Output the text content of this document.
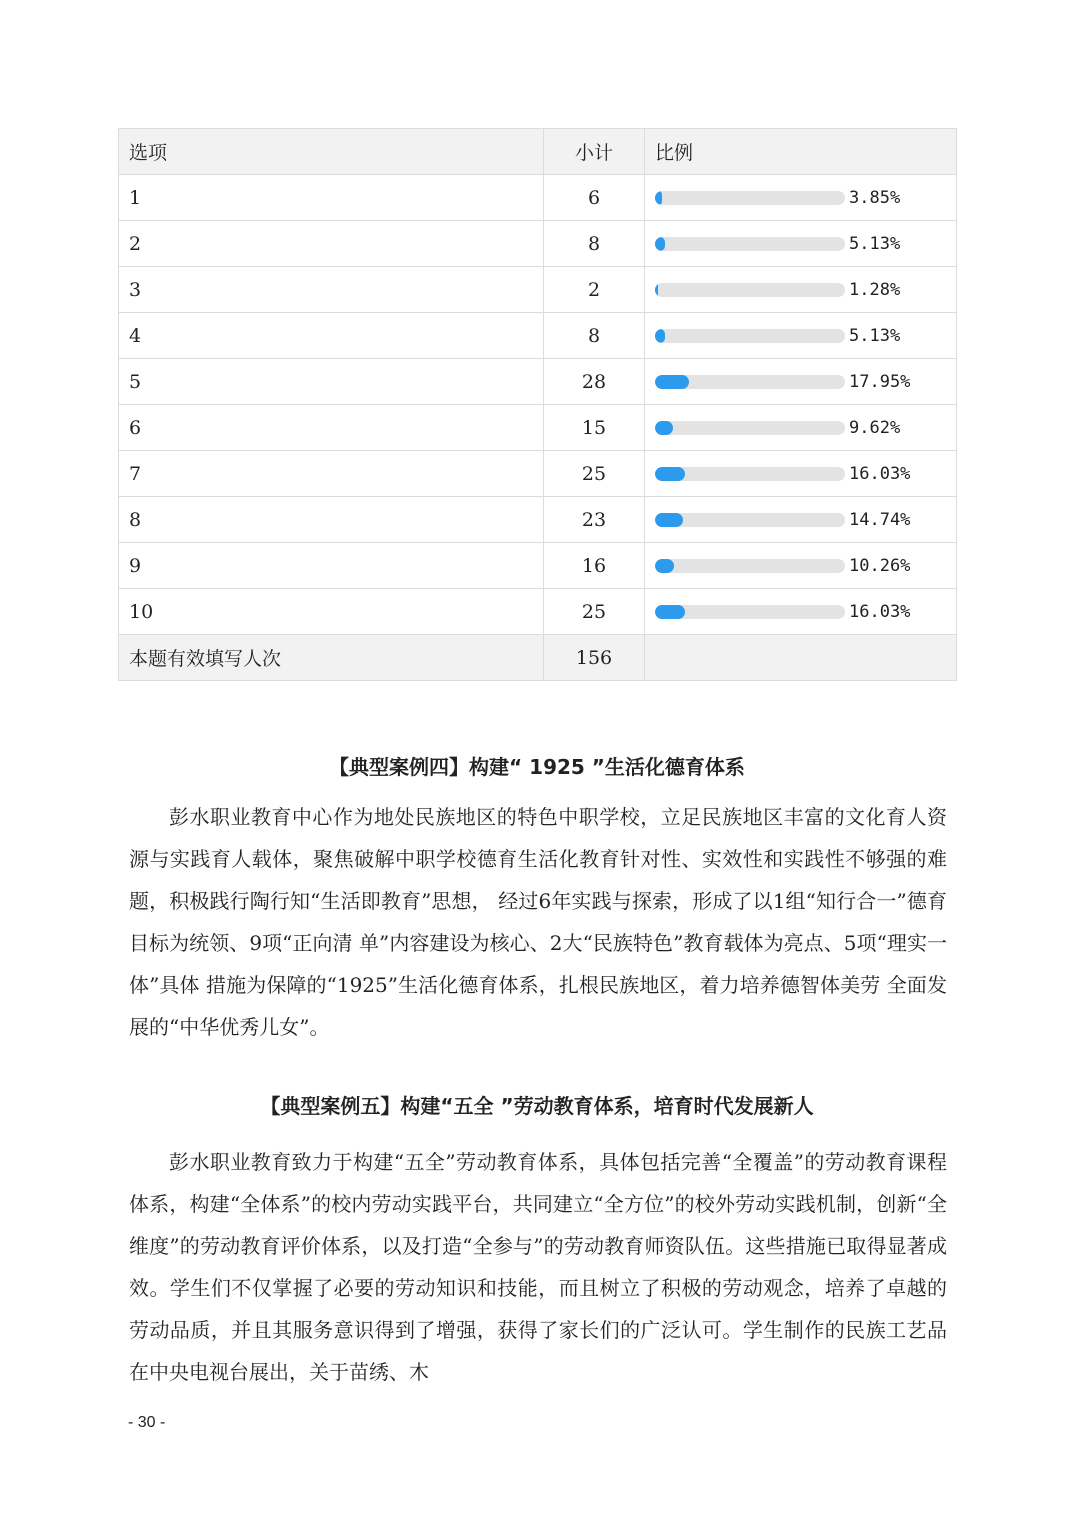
选项	小计	比例
1	6	3.85%

2	8	5.13%

3	2	1.28%

4	8	5.13%

5	28	17.95%

6	15	9.62%

7	25	16.03%

8	23	14.74%

9	16	10.26%

10	25	16.03%

本题有效填写人次	156	
【典型案例四】构建“ 1925 ”生活化德育体系

彭水职业教育中心作为地处民族地区的特色中职学校，立足民族地区丰富的文化育人资源与实践育人载体，聚焦破解中职学校德育生活化教育针对性、实效性和实践性不够强的难题，积极践行陶行知“生活即教育”思想， 经过6年实践与探索，形成了以1组“知行合一”德育目标为统领、9项“正向清 单”内容建设为核心、2大“民族特色”教育载体为亮点、5项“理实一体”具体 措施为保障的“1925”生活化德育体系，扎根民族地区，着力培养德智体美劳 全面发展的“中华优秀儿女”。

【典型案例五】构建“五全 ”劳动教育体系，培育时代发展新人

彭水职业教育致力于构建“五全”劳动教育体系，具体包括完善“全覆盖”的劳动教育课程体系，构建“全体系”的校内劳动实践平台，共同建立“全方位”的校外劳动实践机制，创新“全维度”的劳动教育评价体系，以及打造“全参与”的劳动教育师资队伍。这些措施已取得显著成效。学生们不仅掌握了必要的劳动知识和技能，而且树立了积极的劳动观念，培养了卓越的劳动品质，并且其服务意识得到了增强，获得了家长们的广泛认可。学生制作的民族工艺品在中央电视台展出，关于苗绣、木

- 30 -
